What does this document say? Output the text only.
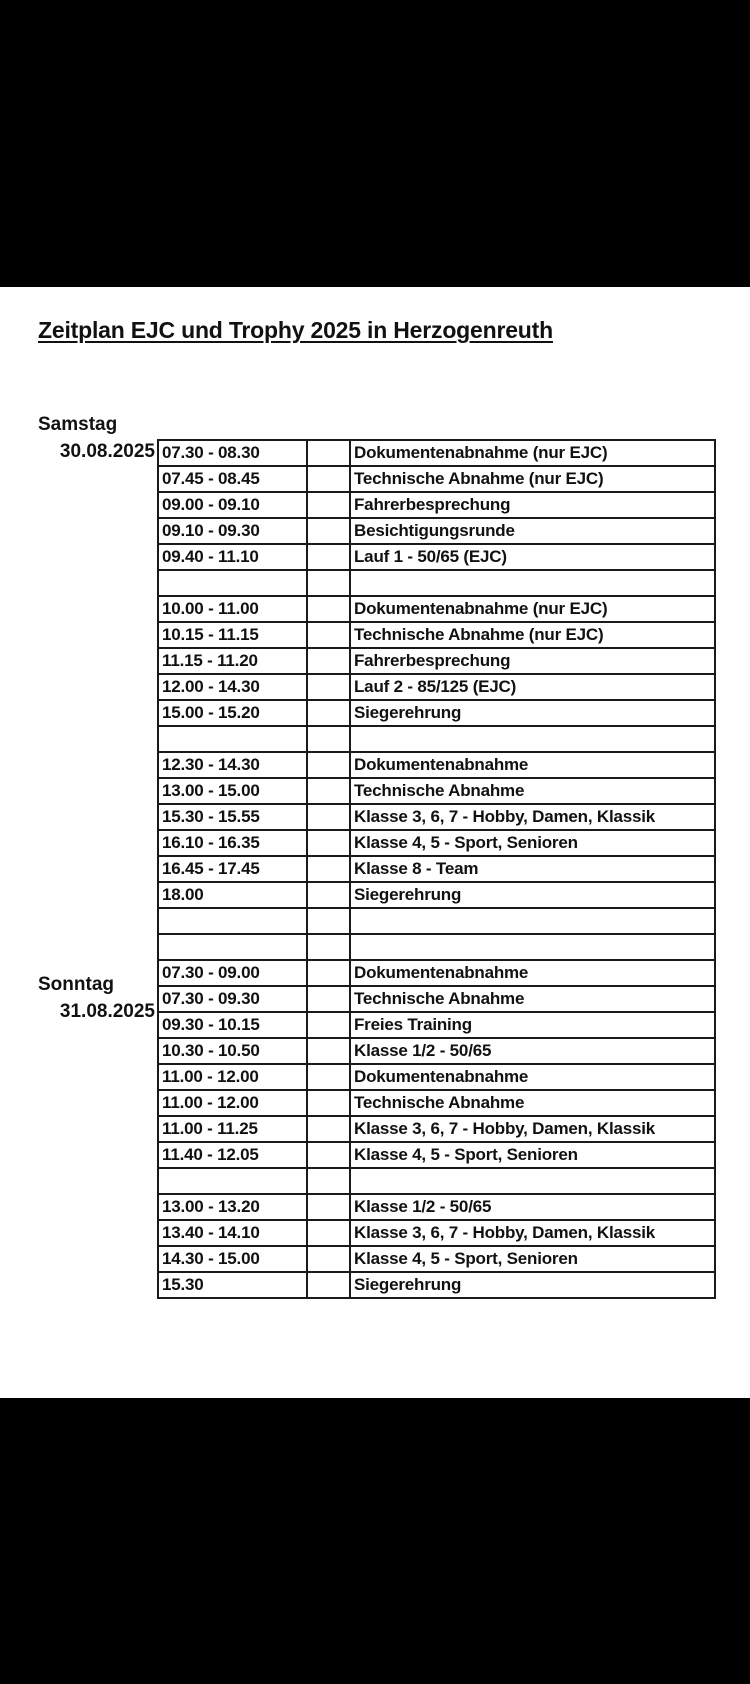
Zeitplan EJC und Trophy 2025 in Herzogenreuth
Samstag
30.08.2025
Sonntag
31.08.2025
07.30 - 08.30		Dokumentenabnahme (nur EJC)
07.45 - 08.45		Technische Abnahme (nur EJC)
09.00 - 09.10		Fahrerbesprechung
09.10 - 09.30		Besichtigungsrunde
09.40 - 11.10		Lauf 1 - 50/65 (EJC)

10.00 - 11.00		Dokumentenabnahme (nur EJC)
10.15 - 11.15		Technische Abnahme (nur EJC)
11.15 - 11.20		Fahrerbesprechung
12.00 - 14.30		Lauf 2 - 85/125 (EJC)
15.00 - 15.20		Siegerehrung

12.30 - 14.30		Dokumentenabnahme
13.00 - 15.00		Technische Abnahme
15.30 - 15.55		Klasse 3, 6, 7 - Hobby, Damen, Klassik
16.10 - 16.35		Klasse 4, 5 - Sport, Senioren
16.45 - 17.45		Klasse 8 - Team
18.00		Siegerehrung

07.30 - 09.00		Dokumentenabnahme
07.30 - 09.30		Technische Abnahme
09.30 - 10.15		Freies Training
10.30 - 10.50		Klasse 1/2 - 50/65
11.00 - 12.00		Dokumentenabnahme
11.00 - 12.00		Technische Abnahme
11.00 - 11.25		Klasse 3, 6, 7 - Hobby, Damen, Klassik
11.40 - 12.05		Klasse 4, 5 - Sport, Senioren

13.00 - 13.20		Klasse 1/2 - 50/65
13.40 - 14.10		Klasse 3, 6, 7 - Hobby, Damen, Klassik
14.30 - 15.00		Klasse 4, 5 - Sport, Senioren
15.30		Siegerehrung
